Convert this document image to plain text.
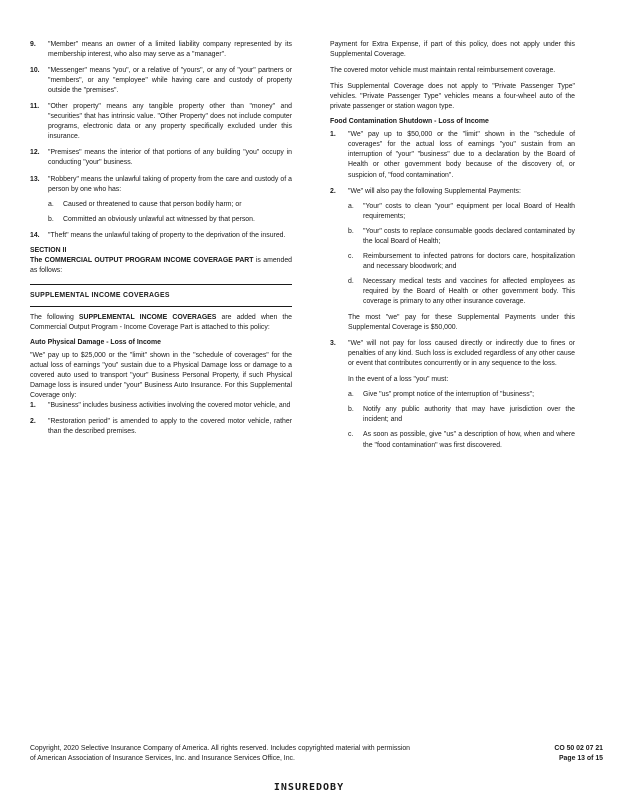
9.	"Member" means an owner of a limited liability company represented by its membership interest, who also may serve as a "manager".
10.	"Messenger" means "you", or a relative of "yours", or any of "your" partners or "members", or any "employee" while having care and custody of property outside the "premises".
11.	"Other property" means any tangible property other than "money" and "securities" that has intrinsic value. "Other Property" does not include computer programs, electronic data or any property specifically excluded under this insurance.
12.	"Premises" means the interior of that portions of any building "you" occupy in conducting "your" business.
13.	"Robbery" means the unlawful taking of property from the care and custody of a person by one who has:
a.	Caused or threatened to cause that person bodily harm; or
b.	Committed an obviously unlawful act witnessed by that person.
14.	"Theft" means the unlawful taking of property to the deprivation of the insured.
SECTION II

The COMMERCIAL OUTPUT PROGRAM INCOME COVERAGE PART is amended as follows:

SUPPLEMENTAL INCOME COVERAGES

The following SUPPLEMENTAL INCOME COVERAGES are added when the Commercial Output Program - Income Coverage Part is attached to this policy:

Auto Physical Damage - Loss of Income

"We" pay up to $25,000 or the "limit" shown in the "schedule of coverages" for the actual loss of earnings "you" sustain due to a Physical Damage loss or damage to a covered auto used to transport "your" Business Personal Property, if such Physical Damage loss is insured under "your" Business Auto Insurance. For this Supplemental Coverage only:

1.	"Business" includes business activities involving the covered motor vehicle, and
2.	"Restoration period" is amended to apply to the covered motor vehicle, rather than the described premises.

Payment for Extra Expense, if part of this policy, does not apply under this Supplemental Coverage.

The covered motor vehicle must maintain rental reimbursement coverage.

This Supplemental Coverage does not apply to "Private Passenger Type" vehicles. "Private Passenger Type" vehicles means a four-wheel auto of the private passenger or station wagon type.

Food Contamination Shutdown - Loss of Income
1.	"We" pay up to $50,000 or the "limit" shown in the "schedule of coverages" for the actual loss of earnings "you" sustain from an interruption of "your" "business" due to a declaration by the Board of Health or other government body because of the discovery of, or suspicion of, "food contamination".
2.	"We" will also pay the following Supplemental Payments:
a.	"Your" costs to clean "your" equipment per local Board of Health requirements;
b.	"Your" costs to replace consumable goods declared contaminated by the local Board of Health;
c.	Reimbursement to infected patrons for doctors care, hospitalization and necessary bloodwork; and
d.	Necessary medical tests and vaccines for affected employees as required by the Board of Health or other government body. This coverage is primary to any other insurance coverage.

The most "we" pay for these Supplemental Payments under this Supplemental Coverage is $50,000.

3.	"We" will not pay for loss caused directly or indirectly due to fines or penalties of any kind. Such loss is excluded regardless of any other cause or event that contributes concurrently or in any sequence to the loss.

In the event of a loss "you" must:

a.	Give "us" prompt notice of the interruption of "business";
b.	Notify any public authority that may have jurisdiction over the incident; and
c.	As soon as possible, give "us" a description of how, when and where the "food contamination" was first discovered.
Copyright, 2020 Selective Insurance Company of America. All rights reserved. Includes copyrighted material with permission of American Association of Insurance Services, Inc. and Insurance Services Office, Inc.
CO 50 02 07 21
Page 13 of 15
INSUREDOBY
